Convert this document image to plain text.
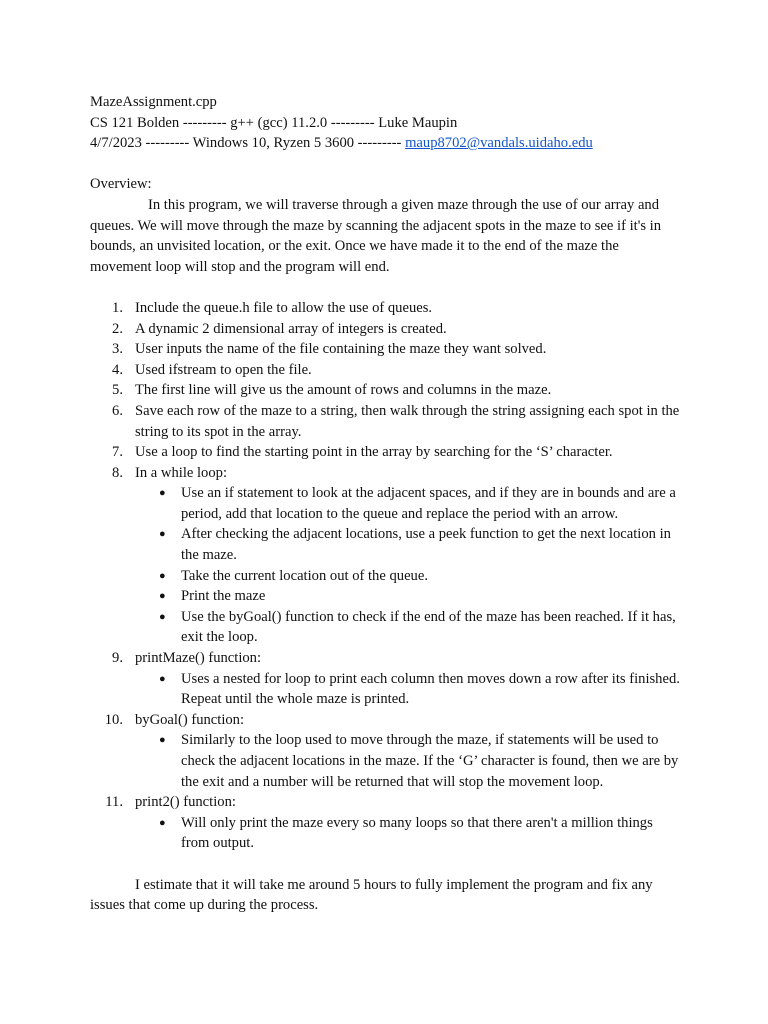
MazeAssignment.cpp
CS 121 Bolden --------- g++ (gcc) 11.2.0 --------- Luke Maupin
4/7/2023 --------- Windows 10, Ryzen 5 3600 --------- maup8702@vandals.uidaho.edu
Overview:

In this program, we will traverse through a given maze through the use of our array and queues. We will move through the maze by scanning the adjacent spots in the maze to see if it's in bounds, an unvisited location, or the exit. Once we have made it to the end of the maze the movement loop will stop and the program will end.

1. Include the queue.h file to allow the use of queues.
2. A dynamic 2 dimensional array of integers is created.
3. User inputs the name of the file containing the maze they want solved.
4. Used ifstream to open the file.
5. The first line will give us the amount of rows and columns in the maze.
6. Save each row of the maze to a string, then walk through the string assigning each spot in the string to its spot in the array.
7. Use a loop to find the starting point in the array by searching for the ‘S’ character.
8. In a while loop:
● Use an if statement to look at the adjacent spaces, and if they are in bounds and are a period, add that location to the queue and replace the period with an arrow.
● After checking the adjacent locations, use a peek function to get the next location in the maze.
● Take the current location out of the queue.
● Print the maze
● Use the byGoal() function to check if the end of the maze has been reached. If it has, exit the loop.
9. printMaze() function:
● Uses a nested for loop to print each column then moves down a row after its finished. Repeat until the whole maze is printed.
10. byGoal() function:
● Similarly to the loop used to move through the maze, if statements will be used to check the adjacent locations in the maze. If the ‘G’ character is found, then we are by the exit and a number will be returned that will stop the movement loop.
11. print2() function:
● Will only print the maze every so many loops so that there aren't a million things from output.

I estimate that it will take me around 5 hours to fully implement the program and fix any issues that come up during the process.
